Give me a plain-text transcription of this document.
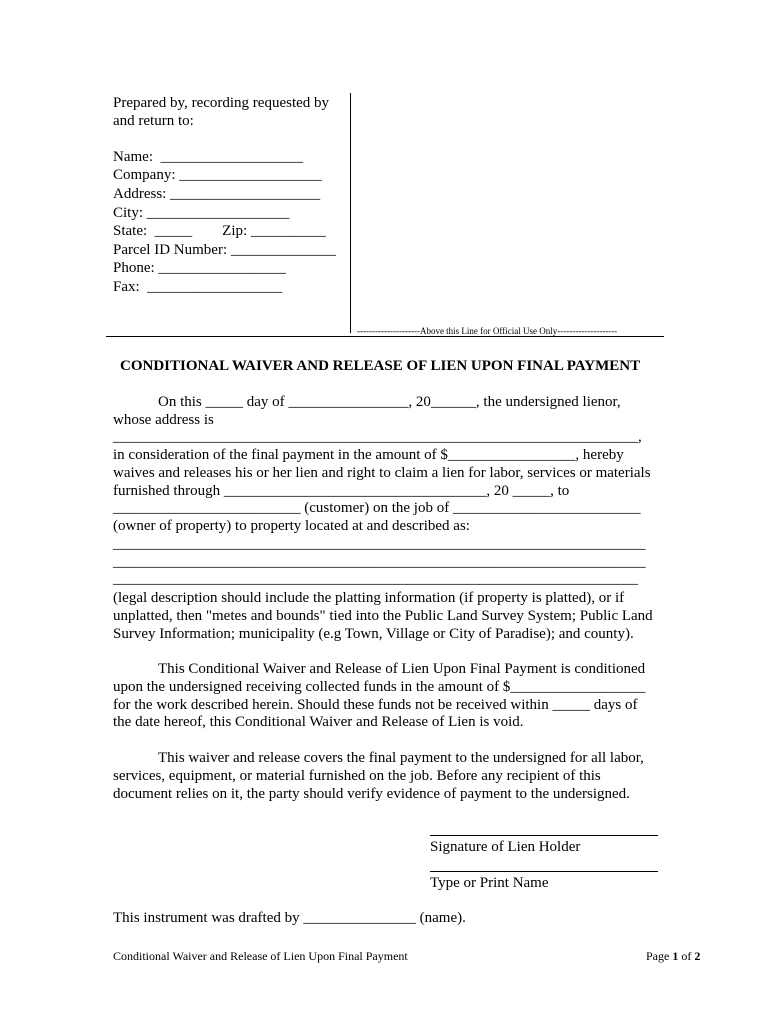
Prepared by, recording requested by
and return to:
Name:  ___________________
Company: ___________________
Address: ____________________
City: ___________________
State:  _____        Zip: __________
Parcel ID Number: ______________
Phone: _________________
Fax:  __________________
---------------------Above this Line for Official Use Only--------------------
CONDITIONAL WAIVER AND RELEASE OF LIEN UPON FINAL PAYMENT
On this _____ day of ________________, 20______, the undersigned lienor,
whose address is
______________________________________________________________________,
in consideration of the final payment in the amount of $_________________, hereby
waives and releases his or her lien and right to claim a lien for labor, services or materials
furnished through ___________________________________, 20 _____, to
_________________________ (customer) on the job of _________________________
(owner of property) to property located at and described as:
_______________________________________________________________________
_______________________________________________________________________
______________________________________________________________________
(legal description should include the platting information (if property is platted), or if
unplatted, then "metes and bounds" tied into the Public Land Survey System; Public Land
Survey Information; municipality (e.g Town, Village or City of Paradise); and county).
This Conditional Waiver and Release of Lien Upon Final Payment is conditioned
upon the undersigned receiving collected funds in the amount of $__________________
for the work described herein. Should these funds not be received within _____ days of
the date hereof, this Conditional Waiver and Release of Lien is void.
This waiver and release covers the final payment to the undersigned for all labor,
services, equipment, or material furnished on the job. Before any recipient of this
document relies on it, the party should verify evidence of payment to the undersigned.
Signature of Lien Holder
Type or Print Name
This instrument was drafted by _______________ (name).
Conditional Waiver and Release of Lien Upon Final Payment	Page 1 of 2
